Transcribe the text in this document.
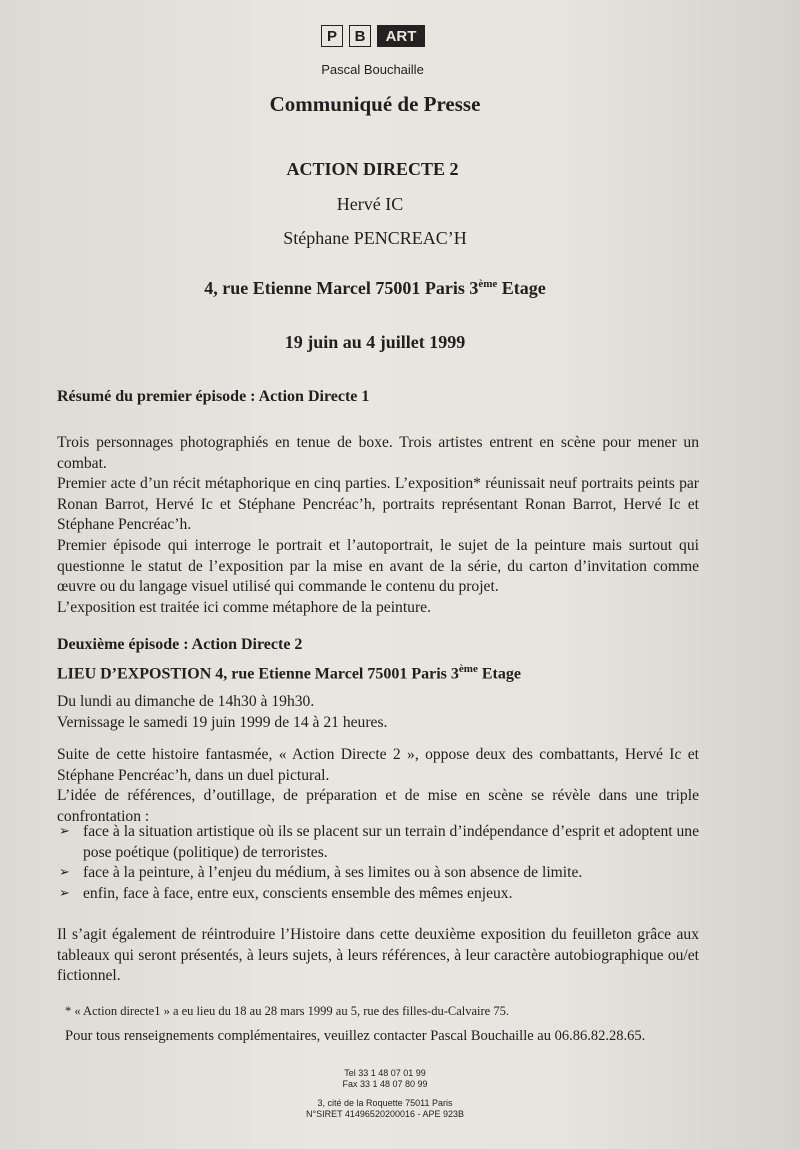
P	B	ART
Pascal Bouchaille
Communiqué de Presse
ACTION DIRECTE 2
Hervé IC
Stéphane PENCREAC’H
4, rue Etienne Marcel 75001 Paris 3ème Etage
19 juin au 4 juillet 1999
Résumé du premier épisode : Action Directe 1
Trois personnages photographiés en tenue de boxe. Trois artistes entrent en scène pour mener un combat.
Premier acte d’un récit métaphorique en cinq parties. L’exposition* réunissait neuf portraits peints par Ronan Barrot, Hervé Ic et Stéphane Pencréac’h, portraits représentant Ronan Barrot, Hervé Ic et Stéphane Pencréac’h.
Premier épisode qui interroge le portrait et l’autoportrait, le sujet de la peinture mais surtout qui questionne le statut de l’exposition par la mise en avant de la série, du carton d’invitation comme œuvre ou du langage visuel utilisé qui commande le contenu du projet.
L’exposition est traitée ici comme métaphore de la peinture.
Deuxième épisode : Action Directe 2
LIEU D’EXPOSTION 4, rue Etienne Marcel 75001 Paris 3ème Etage
Du lundi au dimanche de 14h30 à 19h30.
Vernissage le samedi 19 juin 1999 de 14 à 21 heures.
Suite de cette histoire fantasmée, « Action Directe 2 », oppose deux des combattants, Hervé Ic et Stéphane Pencréac’h, dans un duel pictural.
L’idée de références, d’outillage, de préparation et de mise en scène se révèle dans une triple confrontation :
➢ face à la situation artistique où ils se placent sur un terrain d’indépendance d’esprit et adoptent une pose poétique (politique) de terroristes.
➢ face à la peinture, à l’enjeu du médium, à ses limites ou à son absence de limite.
➢ enfin, face à face, entre eux, conscients ensemble des mêmes enjeux.
Il s’agit également de réintroduire l’Histoire dans cette deuxième exposition du feuilleton grâce aux tableaux qui seront présentés, à leurs sujets, à leurs références, à leur caractère autobiographique ou/et fictionnel.
* « Action directe1 » a eu lieu du 18 au 28 mars 1999 au 5, rue des filles-du-Calvaire 75.
Pour tous renseignements complémentaires, veuillez contacter Pascal Bouchaille au 06.86.82.28.65.
Tel 33 1 48 07 01 99
Fax 33 1 48 07 80 99
3, cité de la Roquette 75011 Paris
N°SIRET 41496520200016 - APE 923B
